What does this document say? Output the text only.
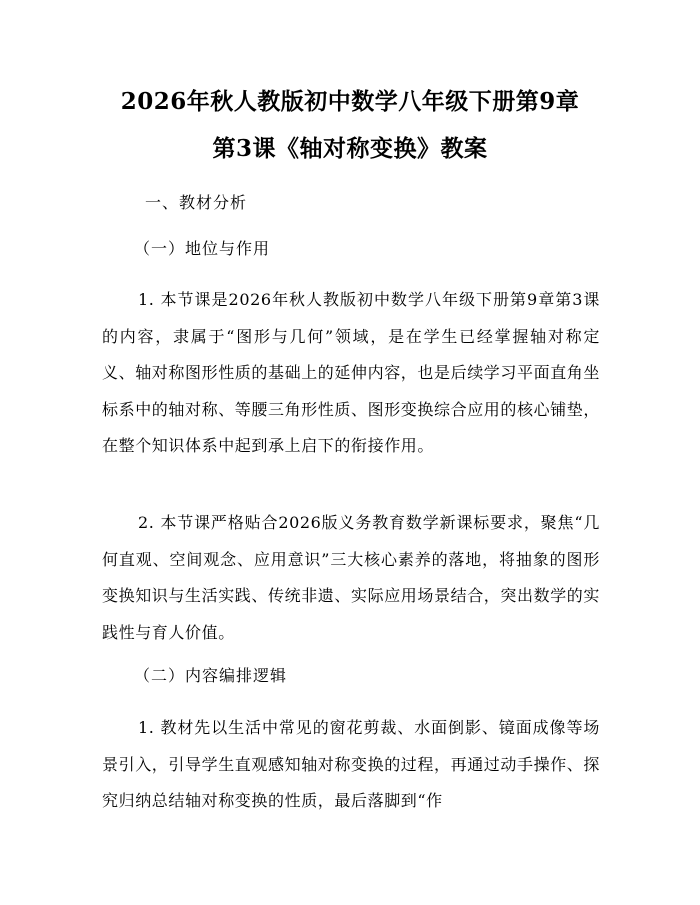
2026年秋人教版初中数学八年级下册第9章
第3课《轴对称变换》教案
一、教材分析
（一）地位与作用

1. 本节课是2026年秋人教版初中数学八年级下册第9章第3课的内容，隶属于“图形与几何”领域，是在学生已经掌握轴对称定义、轴对称图形性质的基础上的延伸内容，也是后续学习平面直角坐标系中的轴对称、等腰三角形性质、图形变换综合应用的核心铺垫，在整个知识体系中起到承上启下的衔接作用。

2. 本节课严格贴合2026版义务教育数学新课标要求，聚焦“几何直观、空间观念、应用意识”三大核心素养的落地，将抽象的图形变换知识与生活实践、传统非遗、实际应用场景结合，突出数学的实践性与育人价值。

（二）内容编排逻辑

1. 教材先以生活中常见的窗花剪裁、水面倒影、镜面成像等场景引入，引导学生直观感知轴对称变换的过程，再通过动手操作、探究归纳总结轴对称变换的性质，最后落脚到“作
